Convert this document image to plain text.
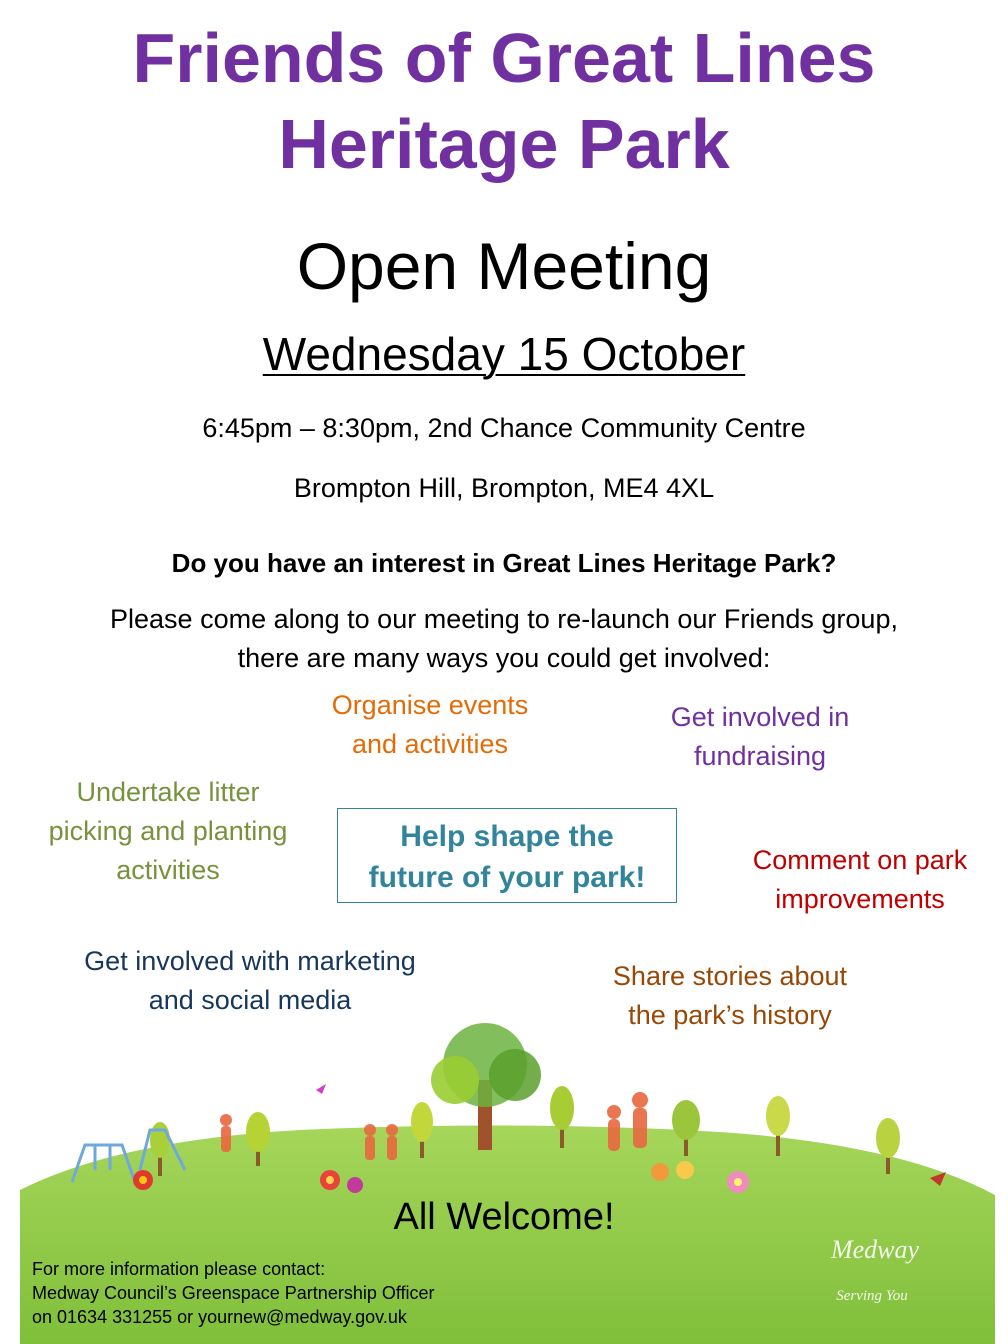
Friends of Great Lines
Heritage Park
Open Meeting
Wednesday 15 October
6:45pm – 8:30pm, 2nd Chance Community Centre
Brompton Hill, Brompton, ME4 4XL
Do you have an interest in Great Lines Heritage Park?
Please come along to our meeting to re-launch our Friends group,
there are many ways you could get involved:
Organise events
and activities
Get involved in
fundraising
Undertake litter
picking and planting
activities
Help shape the
future of your park!
Comment on park
improvements
Get involved with marketing
and social media
Share stories about
the park’s history
Medway
Serving You
All Welcome!
For more information please contact:
Medway Council’s Greenspace Partnership Officer
on 01634 331255 or yournew@medway.gov.uk
